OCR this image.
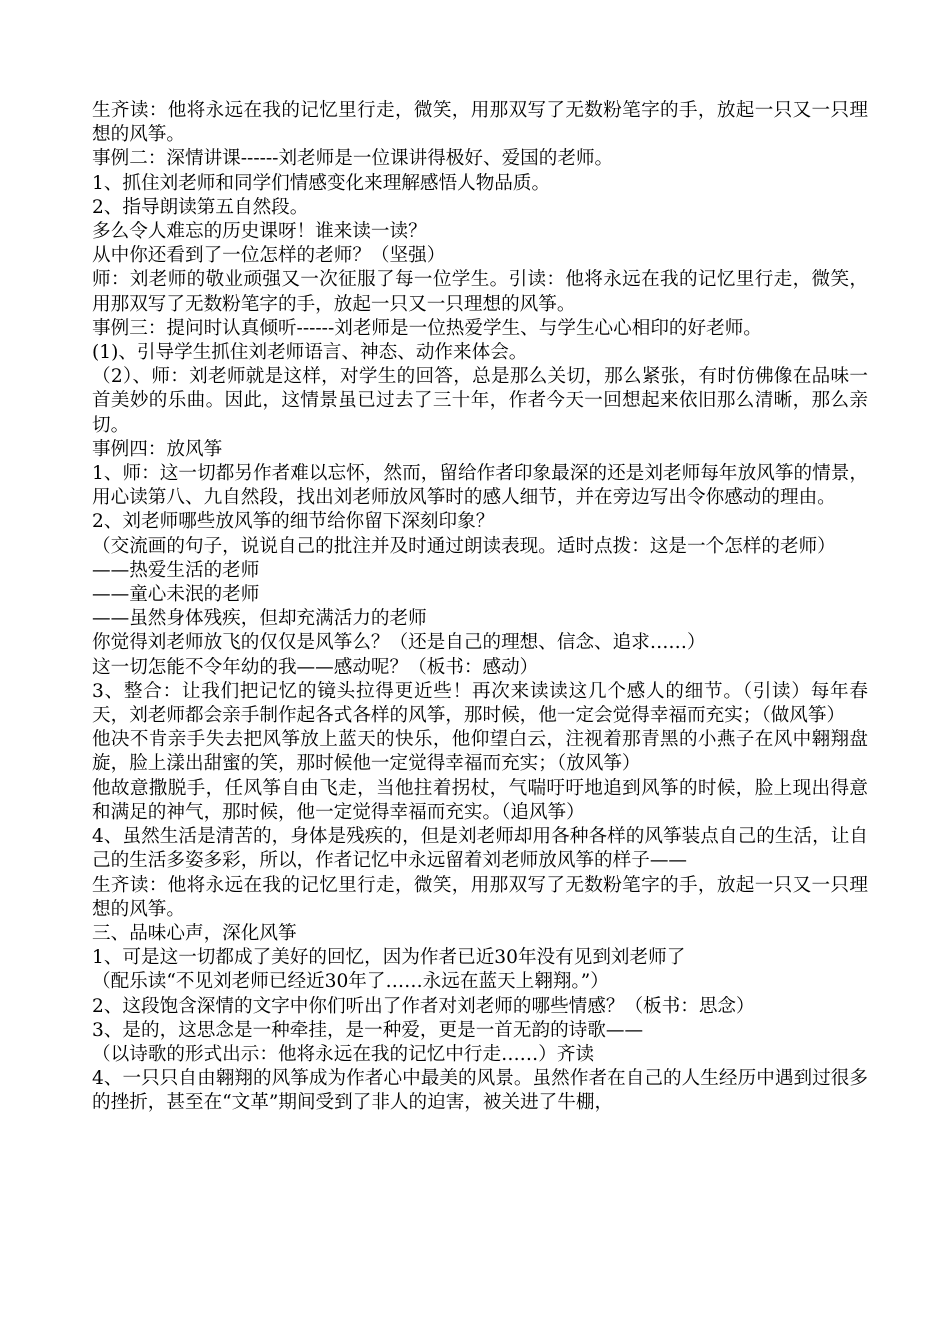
生齐读：他将永远在我的记忆里行走，微笑，用那双写了无数粉笔字的手，放起一只又一只理想的风筝。

事例二：深情讲课------刘老师是一位课讲得极好、爱国的老师。

1、抓住刘老师和同学们情感变化来理解感悟人物品质。

2、指导朗读第五自然段。

多么令人难忘的历史课呀！谁来读一读？

从中你还看到了一位怎样的老师？（坚强）

师：刘老师的敬业顽强又一次征服了每一位学生。引读：他将永远在我的记忆里行走，微笑，用那双写了无数粉笔字的手，放起一只又一只理想的风筝。

事例三：提问时认真倾听------刘老师是一位热爱学生、与学生心心相印的好老师。

(1)、引导学生抓住刘老师语言、神态、动作来体会。

（2）、师：刘老师就是这样，对学生的回答，总是那么关切，那么紧张，有时仿佛像在品味一首美妙的乐曲。因此，这情景虽已过去了三十年，作者今天一回想起来依旧那么清晰，那么亲切。

事例四：放风筝

1、师：这一切都另作者难以忘怀，然而，留给作者印象最深的还是刘老师每年放风筝的情景，用心读第八、九自然段，找出刘老师放风筝时的感人细节，并在旁边写出令你感动的理由。

2、刘老师哪些放风筝的细节给你留下深刻印象？

（交流画的句子，说说自己的批注并及时通过朗读表现。适时点拨：这是一个怎样的老师）

——热爱生活的老师

——童心未泯的老师

——虽然身体残疾，但却充满活力的老师

你觉得刘老师放飞的仅仅是风筝么？（还是自己的理想、信念、追求……）

这一切怎能不令年幼的我——感动呢？（板书：感动）

3、整合：让我们把记忆的镜头拉得更近些！再次来读读这几个感人的细节。（引读）每年春天，刘老师都会亲手制作起各式各样的风筝，那时候，他一定会觉得幸福而充实；（做风筝）

他决不肯亲手失去把风筝放上蓝天的快乐，他仰望白云，注视着那青黑的小燕子在风中翱翔盘旋，脸上漾出甜蜜的笑，那时候他一定觉得幸福而充实；（放风筝）

他故意撒脱手，任风筝自由飞走，当他拄着拐杖，气喘吁吁地追到风筝的时候，脸上现出得意和满足的神气，那时候，他一定觉得幸福而充实。（追风筝）

4、虽然生活是清苦的，身体是残疾的，但是刘老师却用各种各样的风筝装点自己的生活，让自己的生活多姿多彩，所以，作者记忆中永远留着刘老师放风筝的样子——

生齐读：他将永远在我的记忆里行走，微笑，用那双写了无数粉笔字的手，放起一只又一只理想的风筝。

三、品味心声，深化风筝

1、可是这一切都成了美好的回忆，因为作者已近30年没有见到刘老师了

（配乐读“不见刘老师已经近30年了……永远在蓝天上翱翔。”）

2、这段饱含深情的文字中你们听出了作者对刘老师的哪些情感？（板书：思念）

3、是的，这思念是一种牵挂，是一种爱，更是一首无韵的诗歌——

（以诗歌的形式出示：他将永远在我的记忆中行走……）齐读

4、一只只自由翱翔的风筝成为作者心中最美的风景。虽然作者在自己的人生经历中遇到过很多的挫折，甚至在“文革”期间受到了非人的迫害，被关进了牛棚，
